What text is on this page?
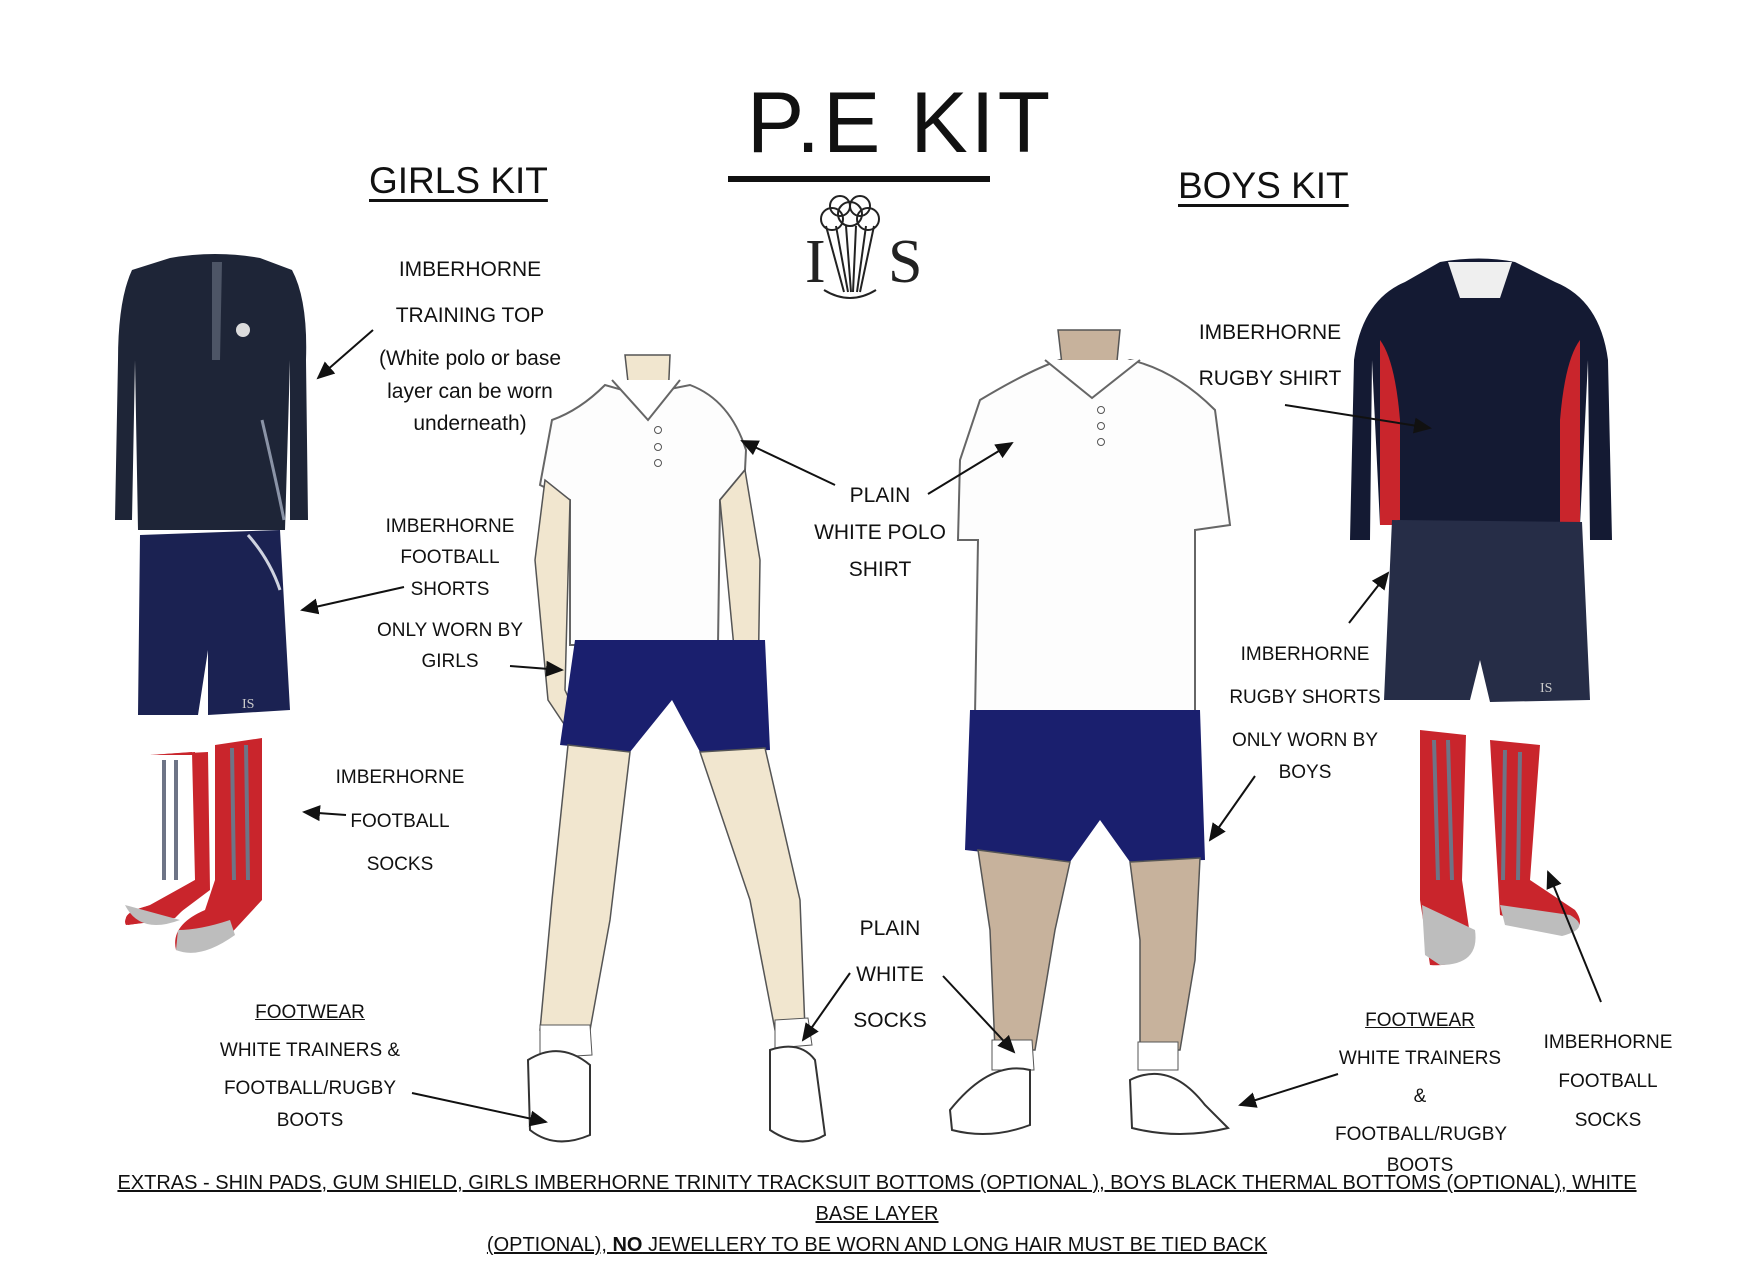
I S
IS
IS
P.E KIT
GIRLS KIT
IMBERHORNE
TRAINING TOP
(White polo or base
layer can be worn
underneath)
IMBERHORNE
FOOTBALL
SHORTS
ONLY WORN BY
GIRLS
IMBERHORNE
FOOTBALL
SOCKS
FOOTWEAR
WHITE TRAINERS &
FOOTBALL/RUGBY
BOOTS
PLAIN
WHITE POLO
SHIRT
PLAIN
WHITE
SOCKS
BOYS KIT
IMBERHORNE
RUGBY SHIRT
IMBERHORNE
RUGBY SHORTS
ONLY WORN BY
BOYS
FOOTWEAR
WHITE TRAINERS &
FOOTBALL/RUGBY
BOOTS
IMBERHORNE
FOOTBALL
SOCKS
EXTRAS - SHIN PADS, GUM SHIELD, GIRLS IMBERHORNE TRINITY TRACKSUIT BOTTOMS (OPTIONAL ), BOYS BLACK THERMAL BOTTOMS (OPTIONAL), WHITE BASE LAYER
(OPTIONAL), NO JEWELLERY TO BE WORN AND LONG HAIR MUST BE TIED BACK
